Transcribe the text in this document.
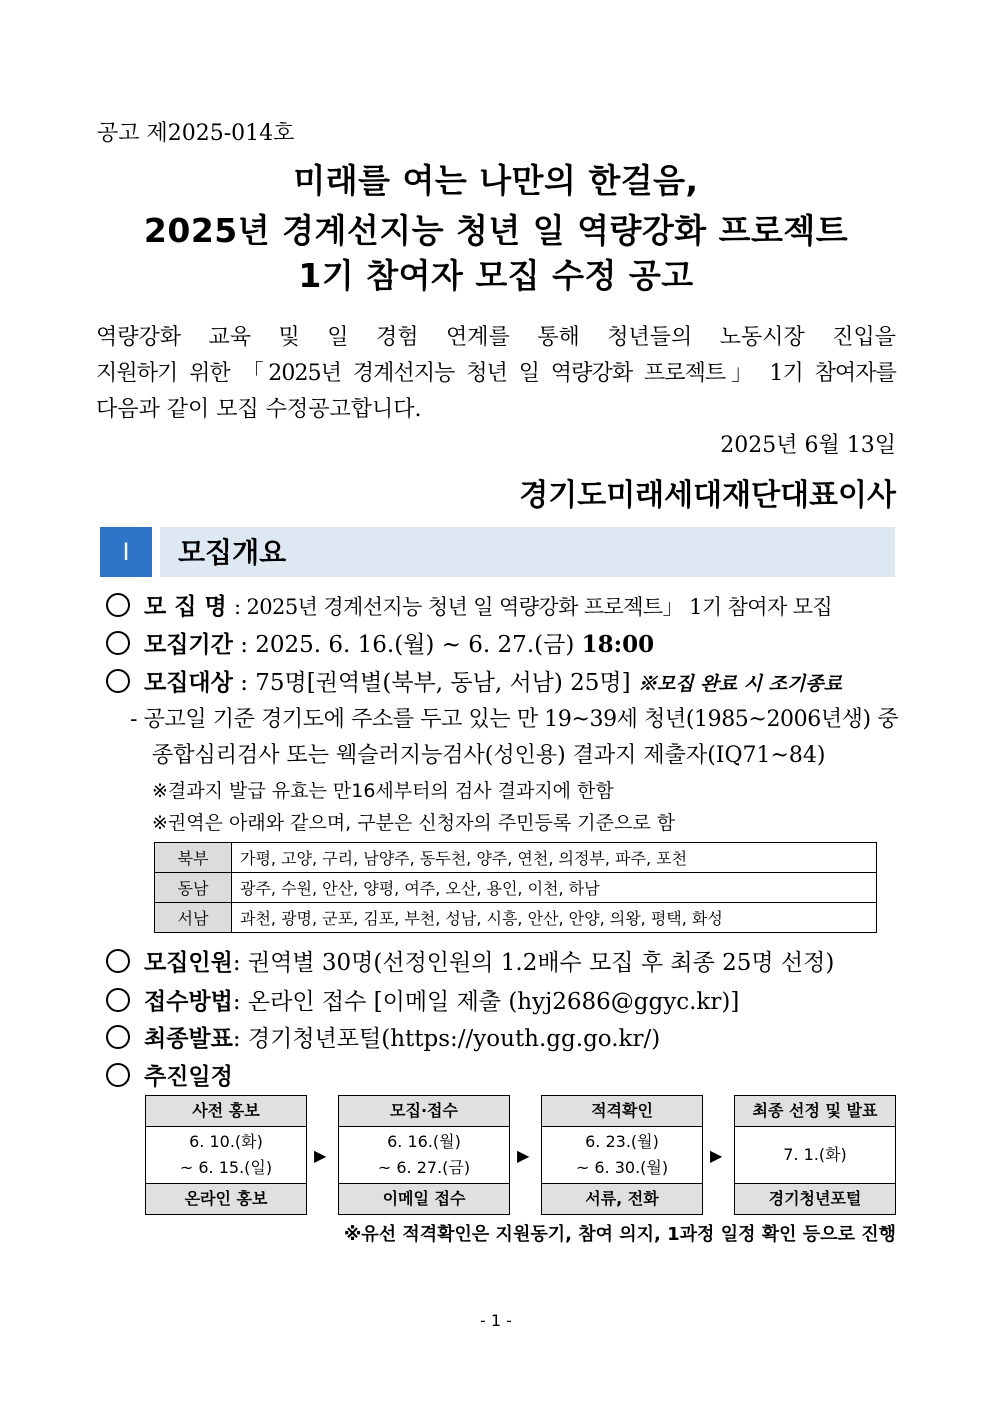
공고 제2025-014호
미래를 여는 나만의 한걸음,
2025년 경계선지능 청년 일 역량강화 프로젝트
1기 참여자 모집 수정 공고
역량강화 교육 및 일 경험 연계를 통해 청년들의 노동시장 진입을
지원하기 위한 「2025년 경계선지능 청년 일 역량강화 프로젝트」 1기 참여자를
다음과 같이 모집 수정공고합니다.
2025년 6월 13일
경기도미래세대재단대표이사
Ⅰ	모집개요
모 집 명 : 2025년 경계선지능 청년 일 역량강화 프로젝트」 1기 참여자 모집
모집기간 : 2025. 6. 16.(월) ~ 6. 27.(금) 18:00
모집대상 : 75명[권역별(북부, 동남, 서남) 25명] ※모집 완료 시 조기종료
- 공고일 기준 경기도에 주소를 두고 있는 만 19~39세 청년(1985~2006년생) 중
종합심리검사 또는 웩슬러지능검사(성인용) 결과지 제출자(IQ71~84)
※결과지 발급 유효는 만16세부터의 검사 결과지에 한함
※권역은 아래와 같으며, 구분은 신청자의 주민등록 기준으로 함
북부	가평, 고양, 구리, 남양주, 동두천, 양주, 연천, 의정부, 파주, 포천
동남	광주, 수원, 안산, 양평, 여주, 오산, 용인, 이천, 하남
서남	과천, 광명, 군포, 김포, 부천, 성남, 시흥, 안산, 안양, 의왕, 평택, 화성
모집인원: 권역별 30명(선정인원의 1.2배수 모집 후 최종 25명 선정)
접수방법: 온라인 접수 [이메일 제출 (hyj2686@ggyc.kr)]
최종발표: 경기청년포털(https://youth.gg.go.kr/)
추진일정
사전 홍보
6. 10.(화)
~ 6. 15.(일)
온라인 홍보
▶
모집·접수
6. 16.(월)
~ 6. 27.(금)
이메일 접수
▶
적격확인
6. 23.(월)
~ 6. 30.(월)
서류, 전화
▶
최종 선정 및 발표
7. 1.(화)
경기청년포털
※유선 적격확인은 지원동기, 참여 의지, 1과정 일정 확인 등으로 진행
- 1 -
